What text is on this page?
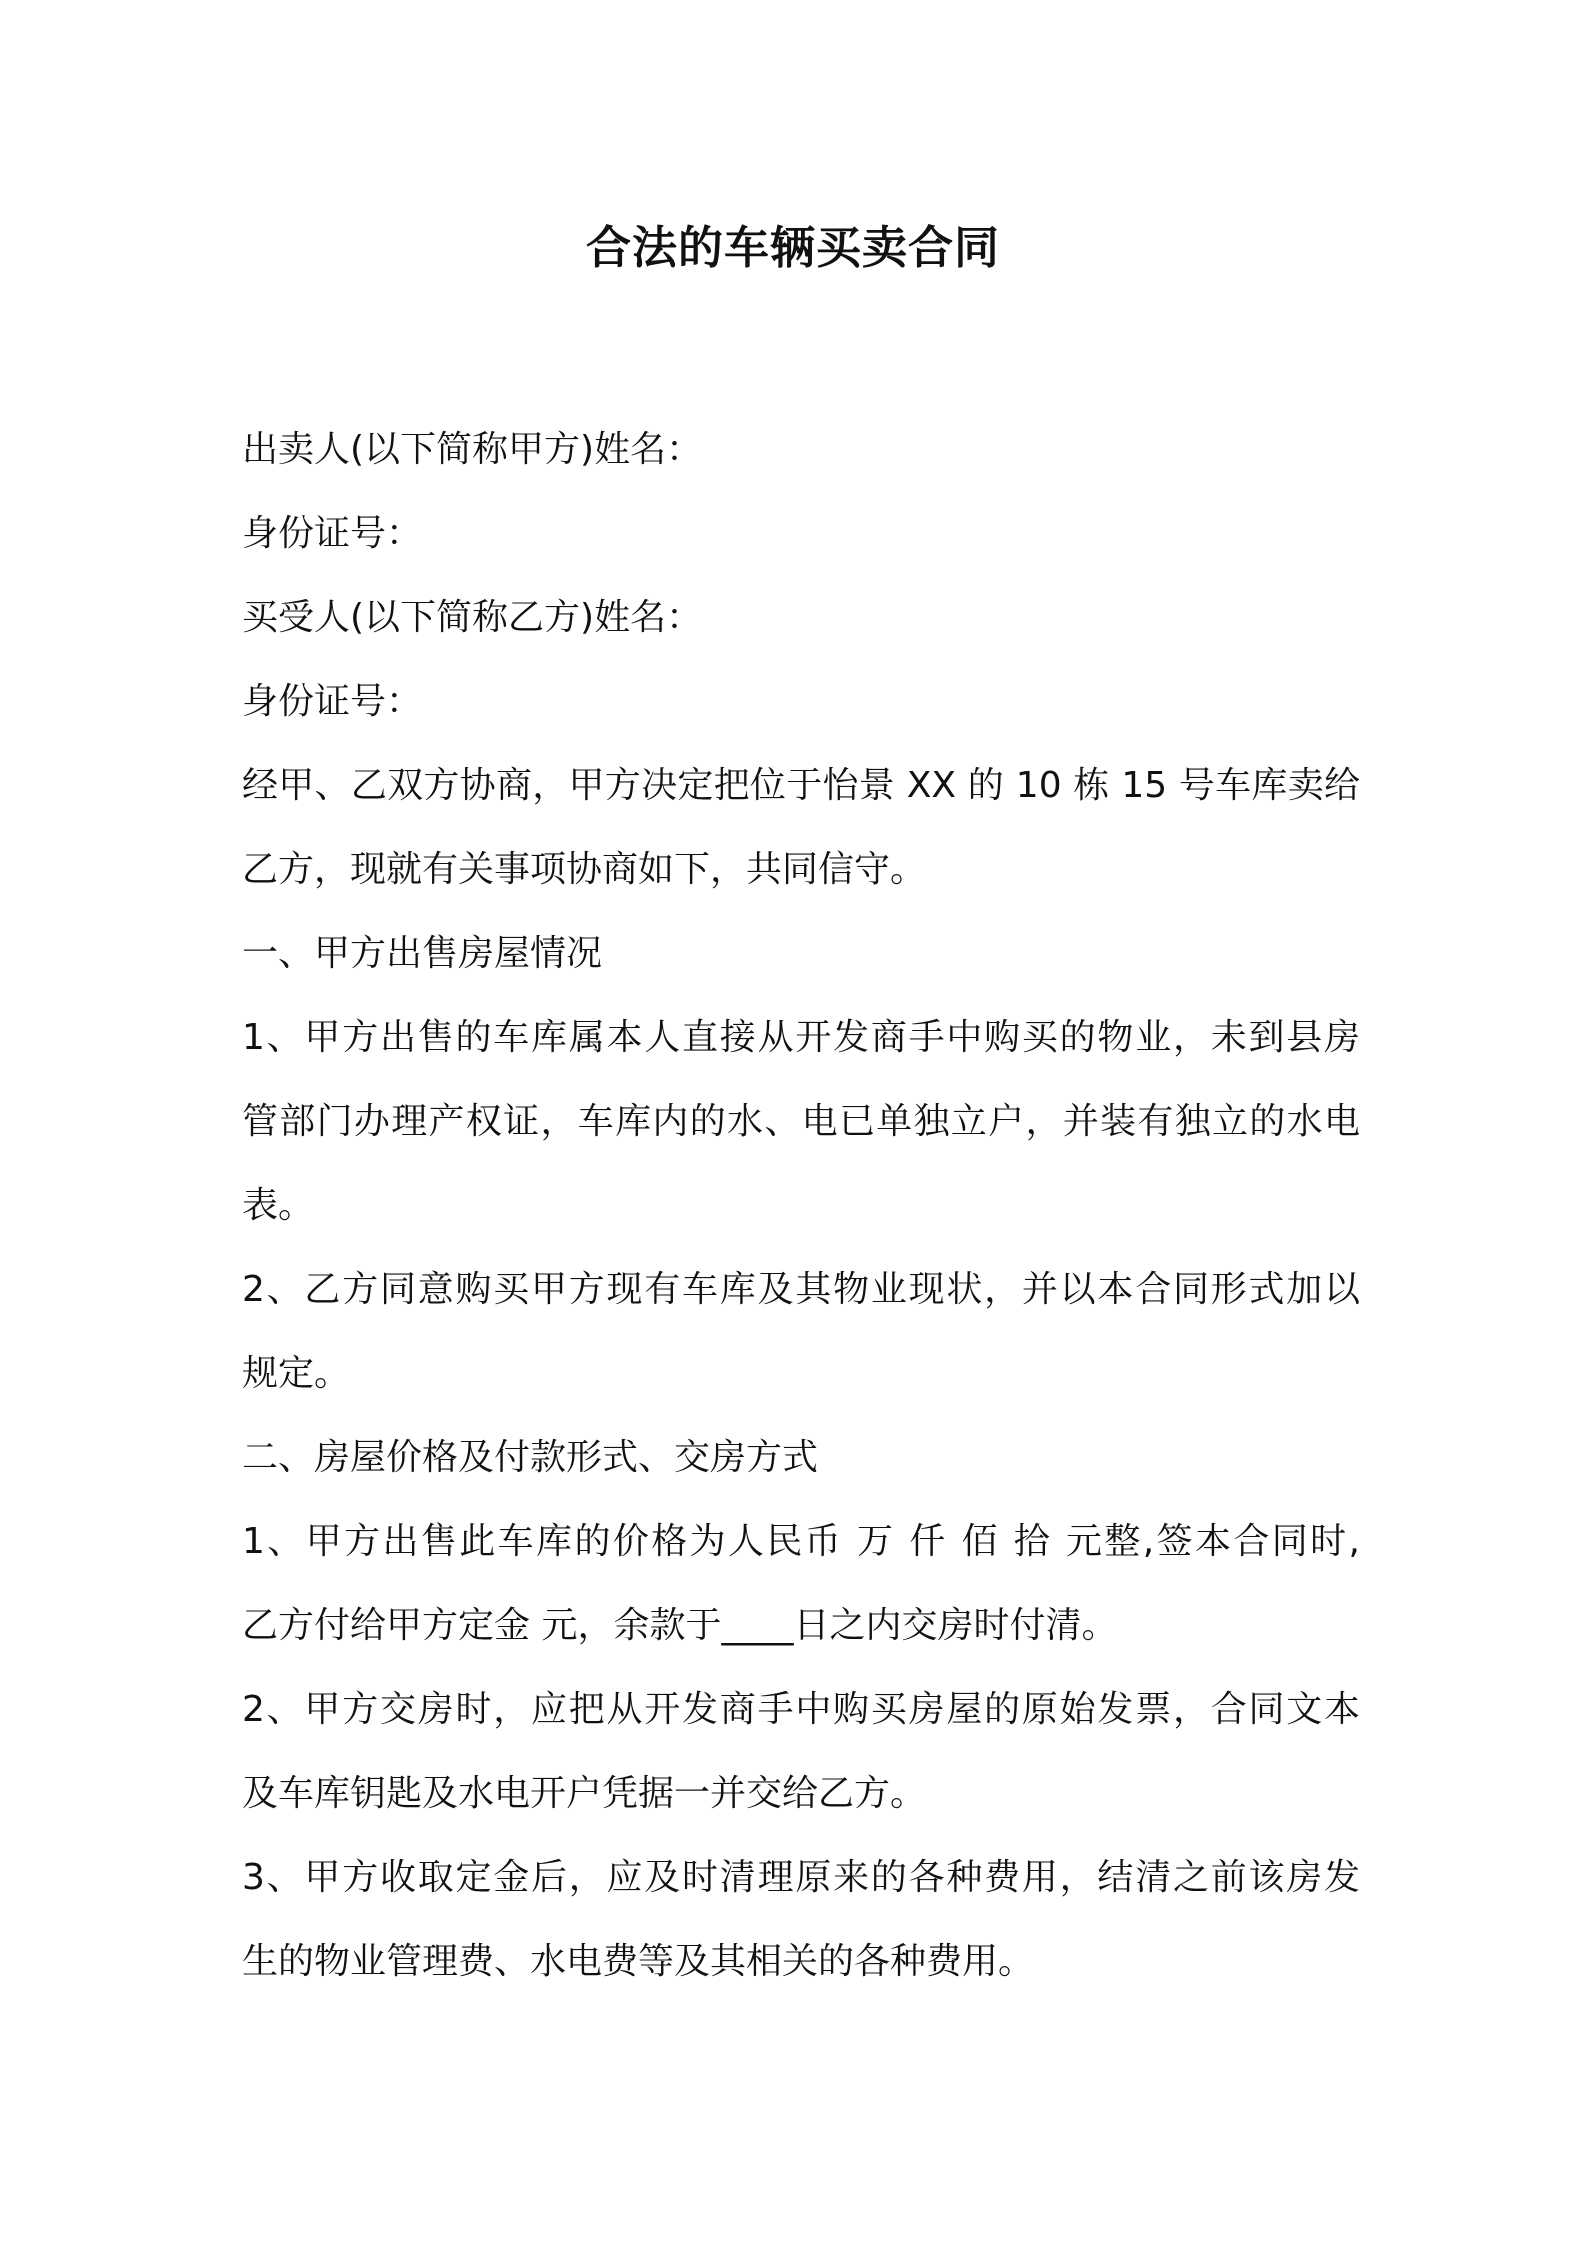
合法的车辆买卖合同

出卖人(以下简称甲方)姓名：

身份证号：

买受人(以下简称乙方)姓名：

身份证号：

经甲、乙双方协商，甲方决定把位于怡景 XX 的 10 栋 15 号车库卖给

乙方，现就有关事项协商如下，共同信守。

一、甲方出售房屋情况

1、甲方出售的车库属本人直接从开发商手中购买的物业，未到县房

管部门办理产权证，车库内的水、电已单独立户，并装有独立的水电

表。

2、乙方同意购买甲方现有车库及其物业现状，并以本合同形式加以

规定。

二、房屋价格及付款形式、交房方式

1、甲方出售此车库的价格为人民币 万 仟 佰 拾 元整,签本合同时,

乙方付给甲方定金 元，余款于____日之内交房时付清。

2、甲方交房时，应把从开发商手中购买房屋的原始发票，合同文本

及车库钥匙及水电开户凭据一并交给乙方。

3、甲方收取定金后，应及时清理原来的各种费用，结清之前该房发

生的物业管理费、水电费等及其相关的各种费用。
